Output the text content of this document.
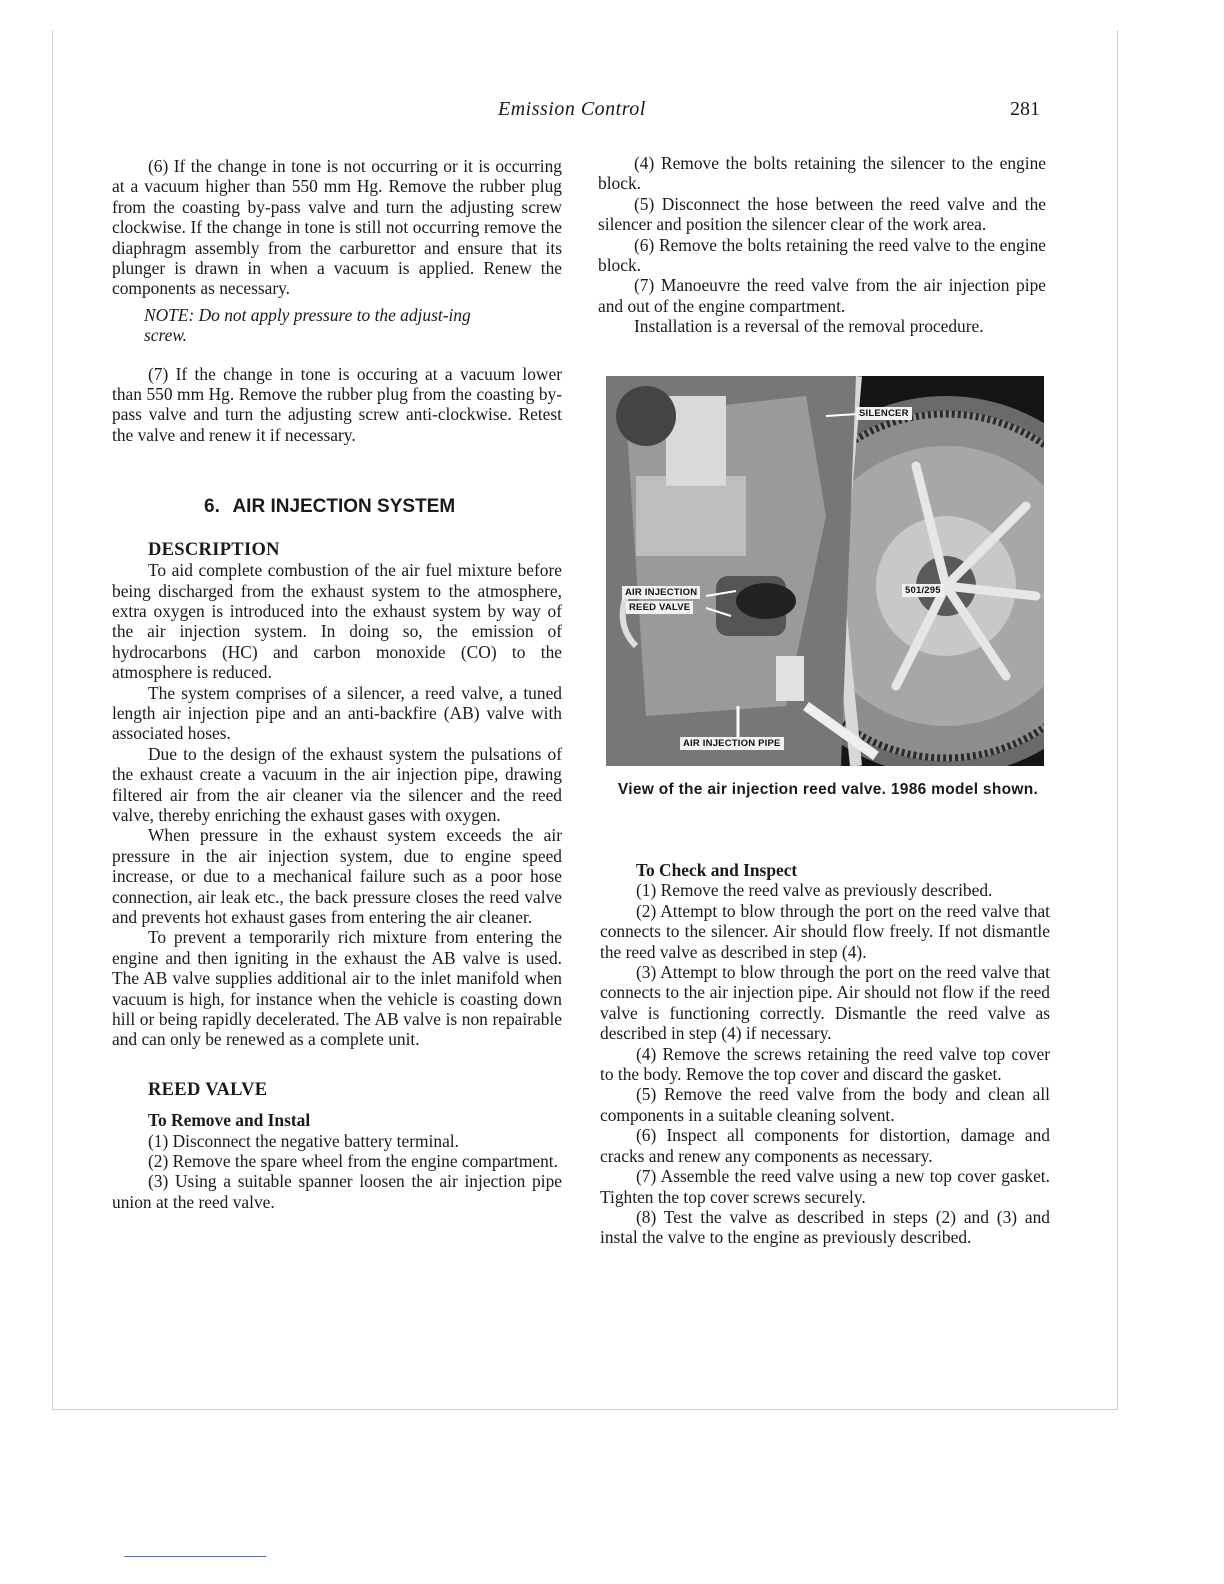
Emission Control	281

(6) If the change in tone is not occurring or it is occurring at a vacuum higher than 550 mm Hg. Remove the rubber plug from the coasting by-pass valve and turn the adjusting screw clockwise. If the change in tone is still not occurring remove the diaphragm assembly from the carburettor and ensure that its plunger is drawn in when a vacuum is applied. Renew the components as necessary.

NOTE: Do not apply pressure to the adjust-ing screw.

(7) If the change in tone is occuring at a vacuum lower than 550 mm Hg. Remove the rubber plug from the coasting by-pass valve and turn the adjusting screw anti-clockwise. Retest the valve and renew it if necessary.

6. AIR INJECTION SYSTEM

DESCRIPTION

To aid complete combustion of the air fuel mixture before being discharged from the exhaust system to the atmosphere, extra oxygen is introduced into the exhaust system by way of the air injection system. In doing so, the emission of hydrocarbons (HC) and carbon monoxide (CO) to the atmosphere is reduced.

The system comprises of a silencer, a reed valve, a tuned length air injection pipe and an anti-backfire (AB) valve with associated hoses.

Due to the design of the exhaust system the pulsations of the exhaust create a vacuum in the air injection pipe, drawing filtered air from the air cleaner via the silencer and the reed valve, thereby enriching the exhaust gases with oxygen.

When pressure in the exhaust system exceeds the air pressure in the air injection system, due to engine speed increase, or due to a mechanical failure such as a poor hose connection, air leak etc., the back pressure closes the reed valve and prevents hot exhaust gases from entering the air cleaner.

To prevent a temporarily rich mixture from entering the engine and then igniting in the exhaust the AB valve is used. The AB valve supplies additional air to the inlet manifold when vacuum is high, for instance when the vehicle is coasting down hill or being rapidly decelerated. The AB valve is non repairable and can only be renewed as a complete unit.

REED VALVE

To Remove and Instal

(1) Disconnect the negative battery terminal.

(2) Remove the spare wheel from the engine compartment.

(3) Using a suitable spanner loosen the air injection pipe union at the reed valve.

(4) Remove the bolts retaining the silencer to the engine block.

(5) Disconnect the hose between the reed valve and the silencer and position the silencer clear of the work area.

(6) Remove the bolts retaining the reed valve to the engine block.

(7) Manoeuvre the reed valve from the air injection pipe and out of the engine compartment.

Installation is a reversal of the removal procedure.

SILENCER
AIR INJECTION
REED VALVE
501/295
AIR INJECTION PIPE
View of the air injection reed valve. 1986 model shown.

To Check and Inspect

(1) Remove the reed valve as previously described.

(2) Attempt to blow through the port on the reed valve that connects to the silencer. Air should flow freely. If not dismantle the reed valve as described in step (4).

(3) Attempt to blow through the port on the reed valve that connects to the air injection pipe. Air should not flow if the reed valve is functioning correctly. Dismantle the reed valve as described in step (4) if necessary.

(4) Remove the screws retaining the reed valve top cover to the body. Remove the top cover and discard the gasket.

(5) Remove the reed valve from the body and clean all components in a suitable cleaning solvent.

(6) Inspect all components for distortion, damage and cracks and renew any components as necessary.

(7) Assemble the reed valve using a new top cover gasket. Tighten the top cover screws securely.

(8) Test the valve as described in steps (2) and (3) and instal the valve to the engine as previously described.
